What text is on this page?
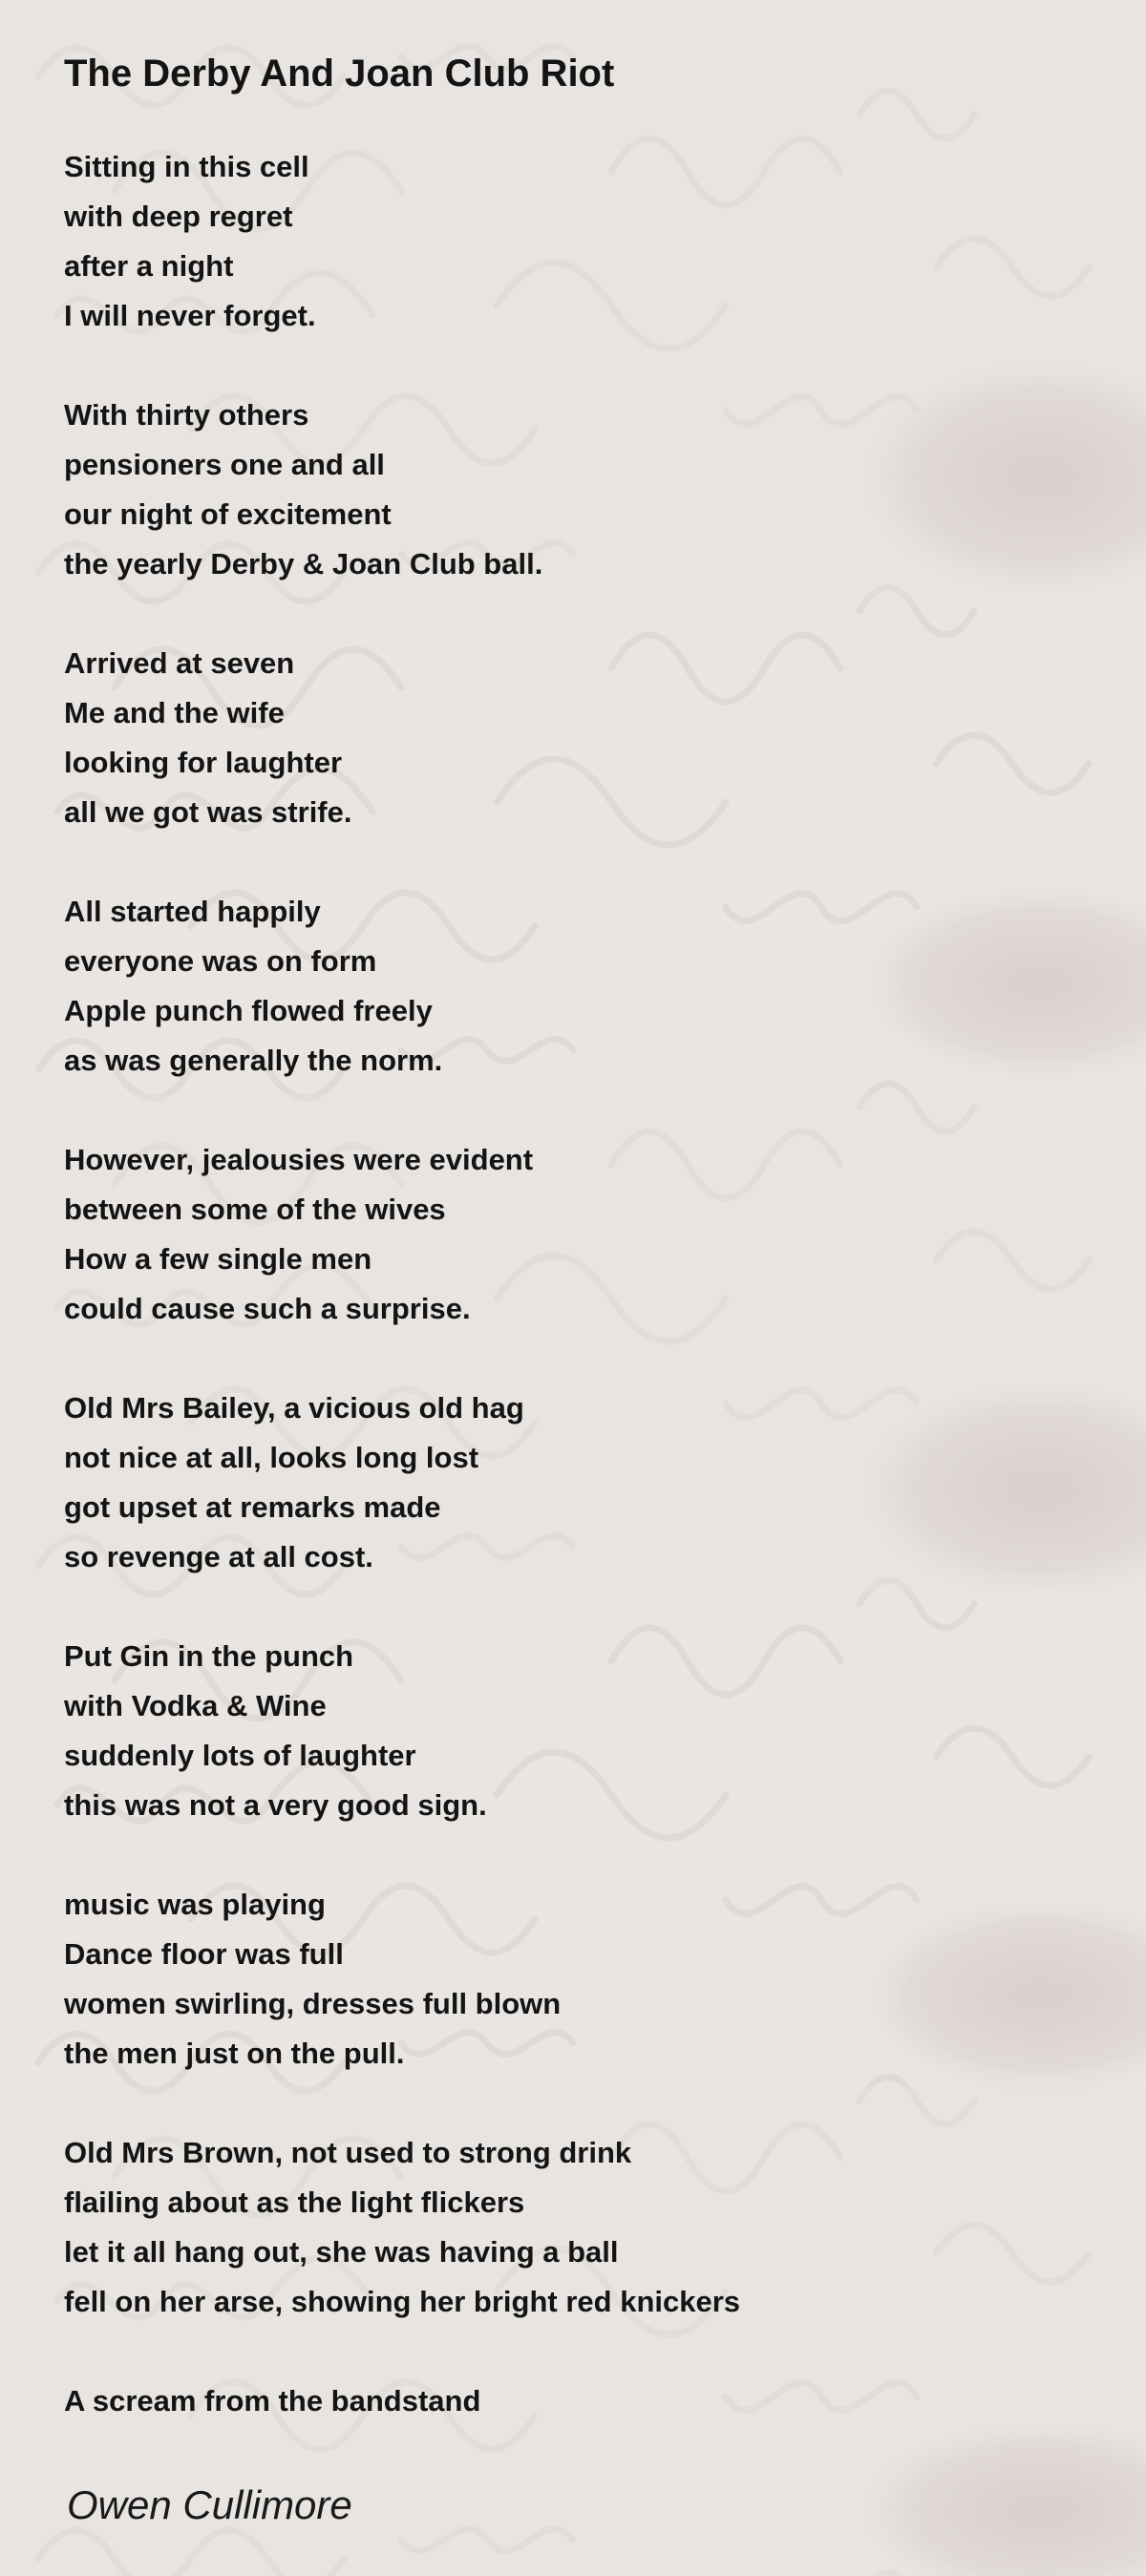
The Derby And Joan Club Riot
Sitting in this cell
with deep regret
after a night
I will never forget.
With thirty others
pensioners one and all
our night of excitement
the yearly Derby & Joan Club ball.
Arrived at seven
Me and the wife
looking for laughter
all we got was strife.
All started happily
everyone was on form
Apple punch flowed freely
as was generally the norm.
However, jealousies were evident
between some of the wives
How a few single men
could cause such a surprise.
Old Mrs Bailey, a vicious old hag
not nice at all, looks long lost
got upset at remarks made
so revenge at all cost.
Put Gin in the punch
with Vodka & Wine
suddenly lots of laughter
this was not a very good sign.
music was playing
Dance floor was full
women swirling, dresses full blown
the men just on the pull.
Old Mrs Brown, not used to strong drink
flailing about as the light flickers
let it all hang out, she was having a ball
fell on her arse, showing her bright red knickers
A scream from the bandstand
Owen Cullimore
